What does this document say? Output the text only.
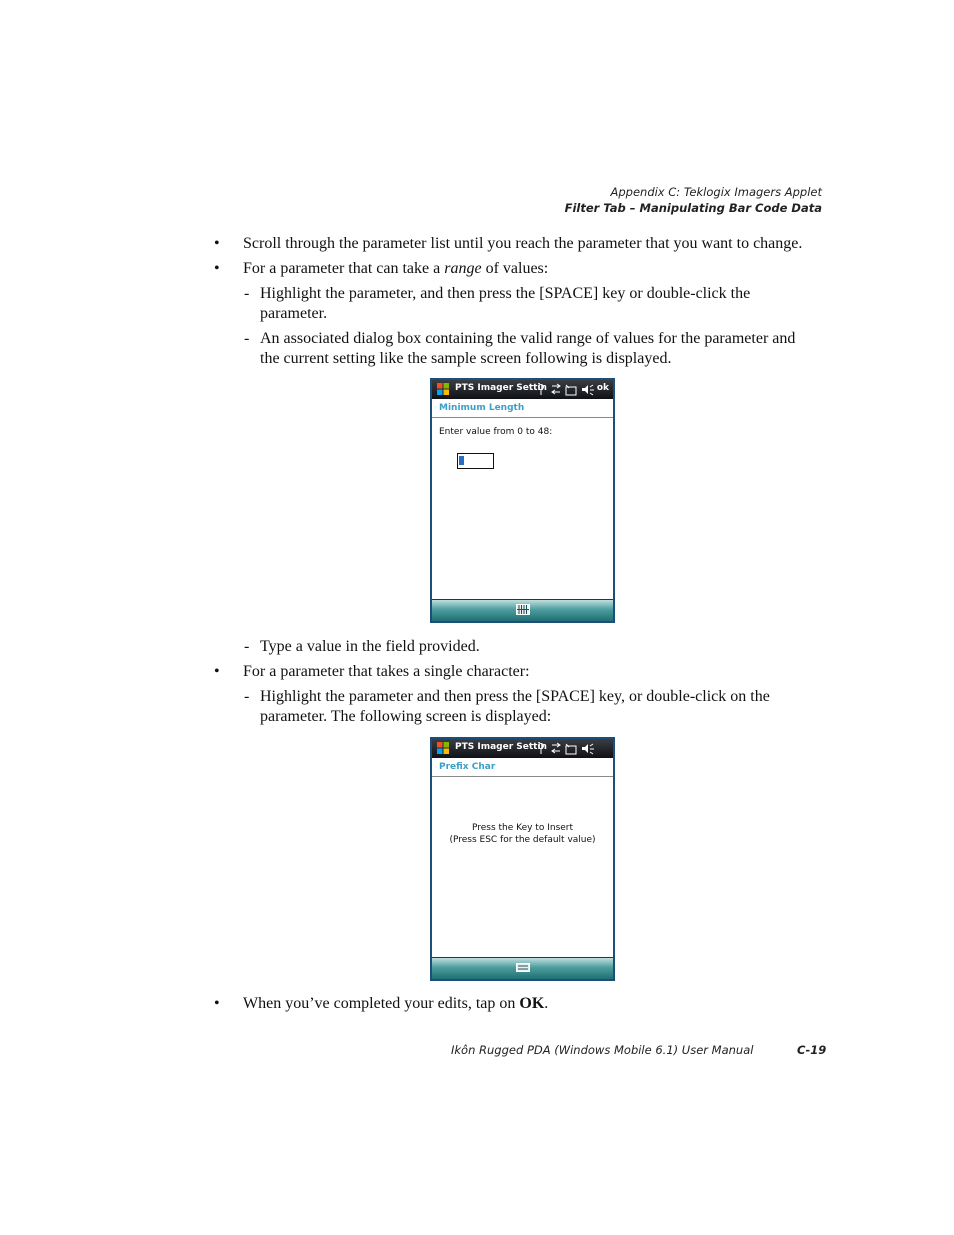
Appendix C: Teklogix Imagers Applet
Filter Tab – Manipulating Bar Code Data
• Scroll through the parameter list until you reach the parameter that you want to change.
• For a parameter that can take a range of values:
- Highlight the parameter, and then press the [SPACE] key or double-click the
parameter.
- An associated dialog box containing the valid range of values for the parameter and
the current setting like the sample screen following is displayed.
PTS Imager Settin	ok
Minimum Length
Enter value from 0 to 48:
- Type a value in the field provided.
• For a parameter that takes a single character:
- Highlight the parameter and then press the [SPACE] key, or double-click on the
parameter. The following screen is displayed:
PTS Imager Settin
Prefix Char
Press the Key to Insert
(Press ESC for the default value)
• When you’ve completed your edits, tap on OK.
Ikôn Rugged PDA (Windows Mobile 6.1) User Manual	C-19
